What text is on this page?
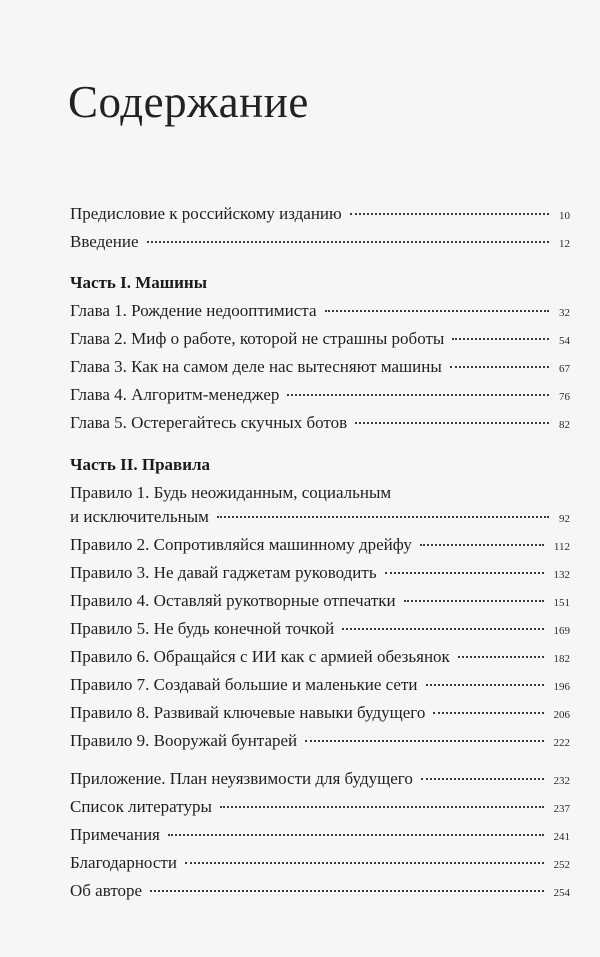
Содержание
Предисловие к российскому изданию	10
Введение	12
Часть I. Машины
Глава 1. Рождение недооптимиста	32
Глава 2. Миф о работе, которой не страшны роботы	54
Глава 3. Как на самом деле нас вытесняют машины	67
Глава 4. Алгоритм-менеджер	76
Глава 5. Остерегайтесь скучных ботов	82
Часть II. Правила
Правило 1. Будь неожиданным, социальным
и исключительным	92
Правило 2. Сопротивляйся машинному дрейфу	112
Правило 3. Не давай гаджетам руководить	132
Правило 4. Оставляй рукотворные отпечатки	151
Правило 5. Не будь конечной точкой	169
Правило 6. Обращайся с ИИ как с армией обезьянок	182
Правило 7. Создавай большие и маленькие сети	196
Правило 8. Развивай ключевые навыки будущего	206
Правило 9. Вооружай бунтарей	222
Приложение. План неуязвимости для будущего	232
Список литературы	237
Примечания	241
Благодарности	252
Об авторе	254
